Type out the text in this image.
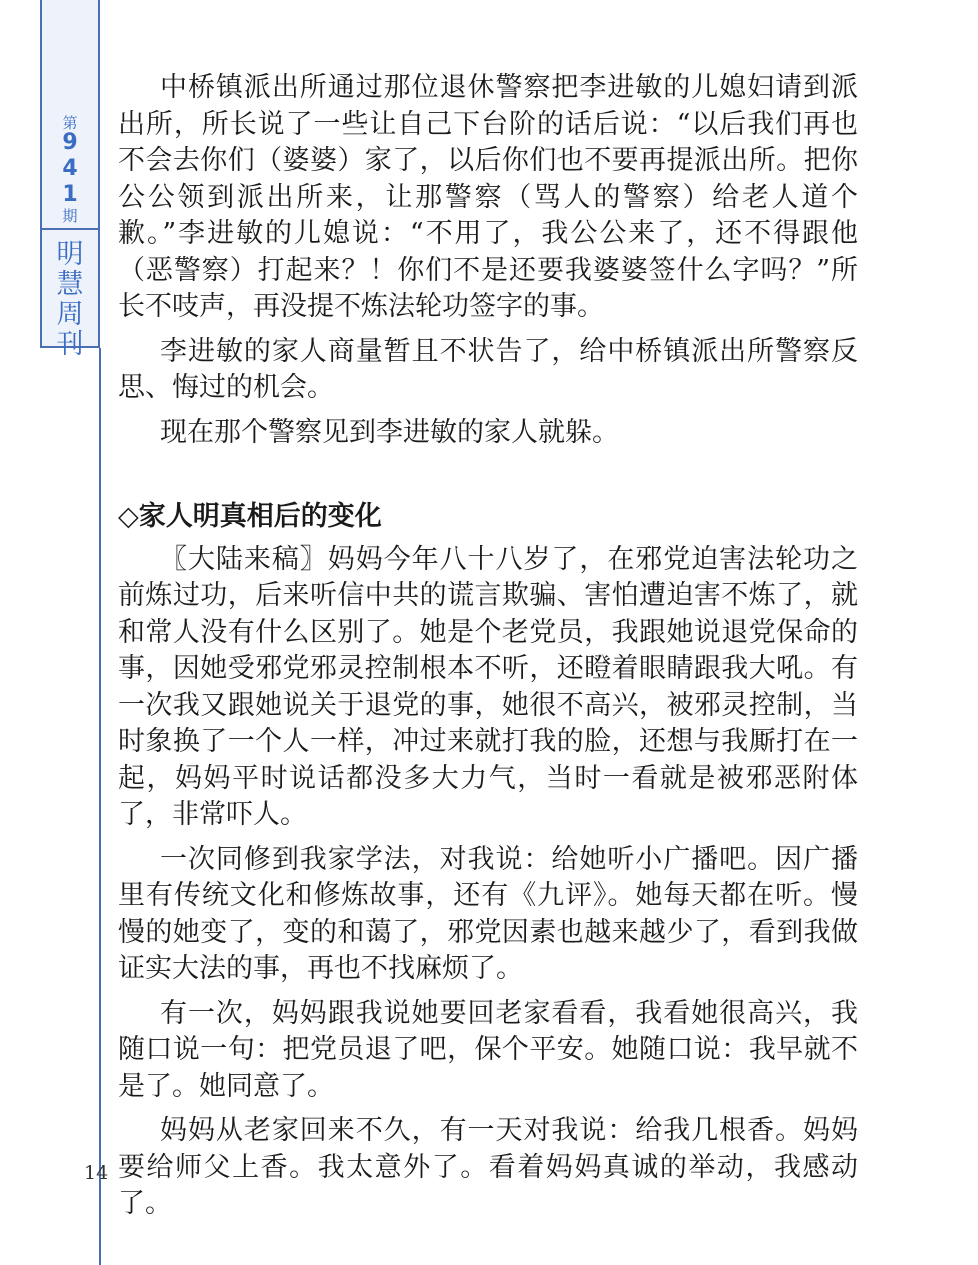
第
9
4
1
期
明慧周刊

中桥镇派出所通过那位退休警察把李进敏的儿媳妇请到派出所，所长说了一些让自己下台阶的话后说：“以后我们再也不会去你们（婆婆）家了，以后你们也不要再提派出所。把你公公领到派出所来，让那警察（骂人的警察）给老人道个歉。”李进敏的儿媳说：“不用了，我公公来了，还不得跟他（恶警察）打起来？！你们不是还要我婆婆签什么字吗？”所长不吱声，再没提不炼法轮功签字的事。

李进敏的家人商量暂且不状告了，给中桥镇派出所警察反思、悔过的机会。

现在那个警察见到李进敏的家人就躲。

◇家人明真相后的变化

〖大陆来稿〗妈妈今年八十八岁了，在邪党迫害法轮功之前炼过功，后来听信中共的谎言欺骗、害怕遭迫害不炼了，就和常人没有什么区别了。她是个老党员，我跟她说退党保命的事，因她受邪党邪灵控制根本不听，还瞪着眼睛跟我大吼。有一次我又跟她说关于退党的事，她很不高兴，被邪灵控制，当时象换了一个人一样，冲过来就打我的脸，还想与我厮打在一起，妈妈平时说话都没多大力气，当时一看就是被邪恶附体了，非常吓人。

一次同修到我家学法，对我说：给她听小广播吧。因广播里有传统文化和修炼故事，还有《九评》。她每天都在听。慢慢的她变了，变的和蔼了，邪党因素也越来越少了，看到我做证实大法的事，再也不找麻烦了。

有一次，妈妈跟我说她要回老家看看，我看她很高兴，我随口说一句：把党员退了吧，保个平安。她随口说：我早就不是了。她同意了。

妈妈从老家回来不久，有一天对我说：给我几根香。妈妈要给师父上香。我太意外了。看着妈妈真诚的举动，我感动了。

14
